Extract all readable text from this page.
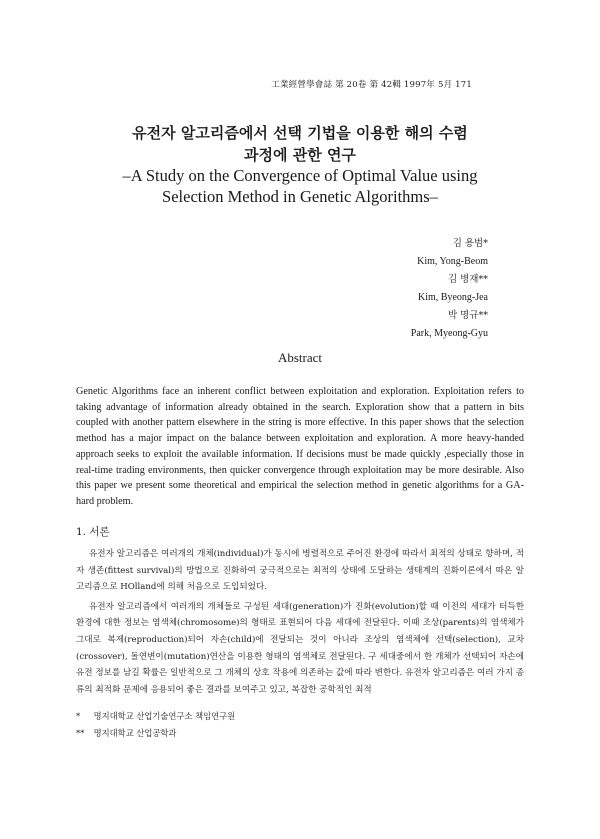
工業經營學會誌 第 20卷 第 42輯 1997年 5月 171
유전자 알고리즘에서 선택 기법을 이용한 해의 수렴
과정에 관한 연구
–A Study on the Convergence of Optimal Value using
Selection Method in Genetic Algorithms–
김 용범*
Kim, Yong-Beom
김 병재**
Kim, Byeong-Jea
박 명규**
Park, Myeong-Gyu
Abstract

Genetic Algorithms face an inherent conflict between exploitation and exploration. Exploitation refers to taking advantage of information already obtained in the search. Exploration show that a pattern in bits coupled with another pattern elsewhere in the string is more effective. In this paper shows that the selection method has a major impact on the balance between exploitation and exploration. A more heavy-handed approach seeks to exploit the available information. If decisions must be made quickly ,especially those in real-time trading environments, then quicker convergence through exploitation may be more desirable. Also this paper we present some theoretical and empirical the selection method in genetic algorithms for a GA-hard problem.

1. 서론

유전자 알고리즘은 여러개의 개체(individual)가 동시에 병렬적으로 주어진 환경에 따라서 최적의 상태로 향하며, 적자 생존(fittest survival)의 방법으로 진화하여 궁극적으로는 최적의 상태에 도달하는 생태계의 진화이론에서 따온 알고리즘으로 HOlland에 의해 처음으로 도입되었다.

유전자 알고리즘에서 여러개의 개체들로 구성된 세대(generation)가 진화(evolution)할 때 이전의 세대가 터득한 환경에 대한 정보는 염색체(chromosome)의 형태로 표현되어 다음 세대에 전달된다. 이때 조상(parents)의 염색체가 그대로 복제(reproduction)되어 자손(child)에 전달되는 것이 아니라 조상의 염색체에 선택(selection), 교차(crossover), 돌연변이(mutation)연산을 이용한 형태의 염색체로 전달된다. 구 세대중에서 한 개체가 선택되어 자손에 유전 정보를 남길 확률은 일반적으로 그 개체의 상호 작용에 의존하는 값에 따라 변한다. 유전자 알고리즘은 여러 가지 종류의 최적화 문제에 응용되어 좋은 결과를 보여주고 있고, 복잡한 공학적인 최적

* 명지대학교 산업기술연구소 책임연구원
** 명지대학교 산업공학과
